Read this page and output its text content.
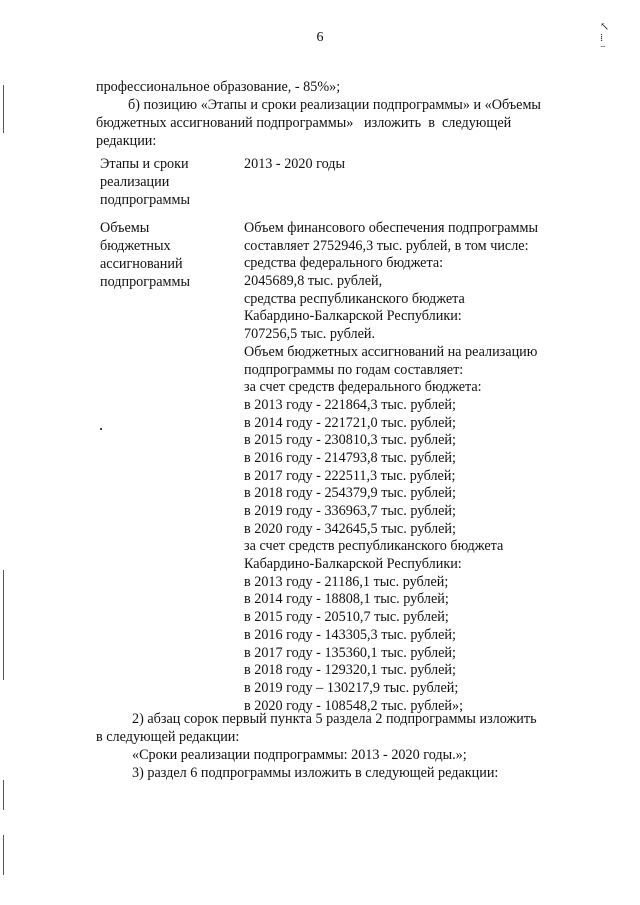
6
↖
⁞
⁻
профессиональное образование, - 85%»;
б) позицию «Этапы и сроки реализации подпрограммы» и «Объемы
бюджетных ассигнований подпрограммы»   изложить  в  следующей
редакции:
Этапы и сроки
реализации
подпрограммы
2013 - 2020 годы
Объемы
бюджетных
ассигнований
подпрограммы
Объем финансового обеспечения подпрограммы
составляет 2752946,3 тыс. рублей, в том числе:
средства федерального бюджета:
2045689,8 тыс. рублей,
средства республиканского бюджета
Кабардино-Балкарской Республики:
707256,5 тыс. рублей.
Объем бюджетных ассигнований на реализацию
подпрограммы по годам составляет:
за счет средств федерального бюджета:
в 2013 году - 221864,3 тыс. рублей;
в 2014 году - 221721,0 тыс. рублей;
в 2015 году - 230810,3 тыс. рублей;
в 2016 году - 214793,8 тыс. рублей;
в 2017 году - 222511,3 тыс. рублей;
в 2018 году - 254379,9 тыс. рублей;
в 2019 году - 336963,7 тыс. рублей;
в 2020 году - 342645,5 тыс. рублей;
за счет средств республиканского бюджета
Кабардино-Балкарской Республики:
в 2013 году - 21186,1 тыс. рублей;
в 2014 году - 18808,1 тыс. рублей;
в 2015 году - 20510,7 тыс. рублей;
в 2016 году - 143305,3 тыс. рублей;
в 2017 году - 135360,1 тыс. рублей;
в 2018 году - 129320,1 тыс. рублей;
в 2019 году – 130217,9 тыс. рублей;
в 2020 году - 108548,2 тыс. рублей»;
2) абзац сорок первый пункта 5 раздела 2 подпрограммы изложить
в следующей редакции:
«Сроки реализации подпрограммы: 2013 - 2020 годы.»;
3) раздел 6 подпрограммы изложить в следующей редакции:
